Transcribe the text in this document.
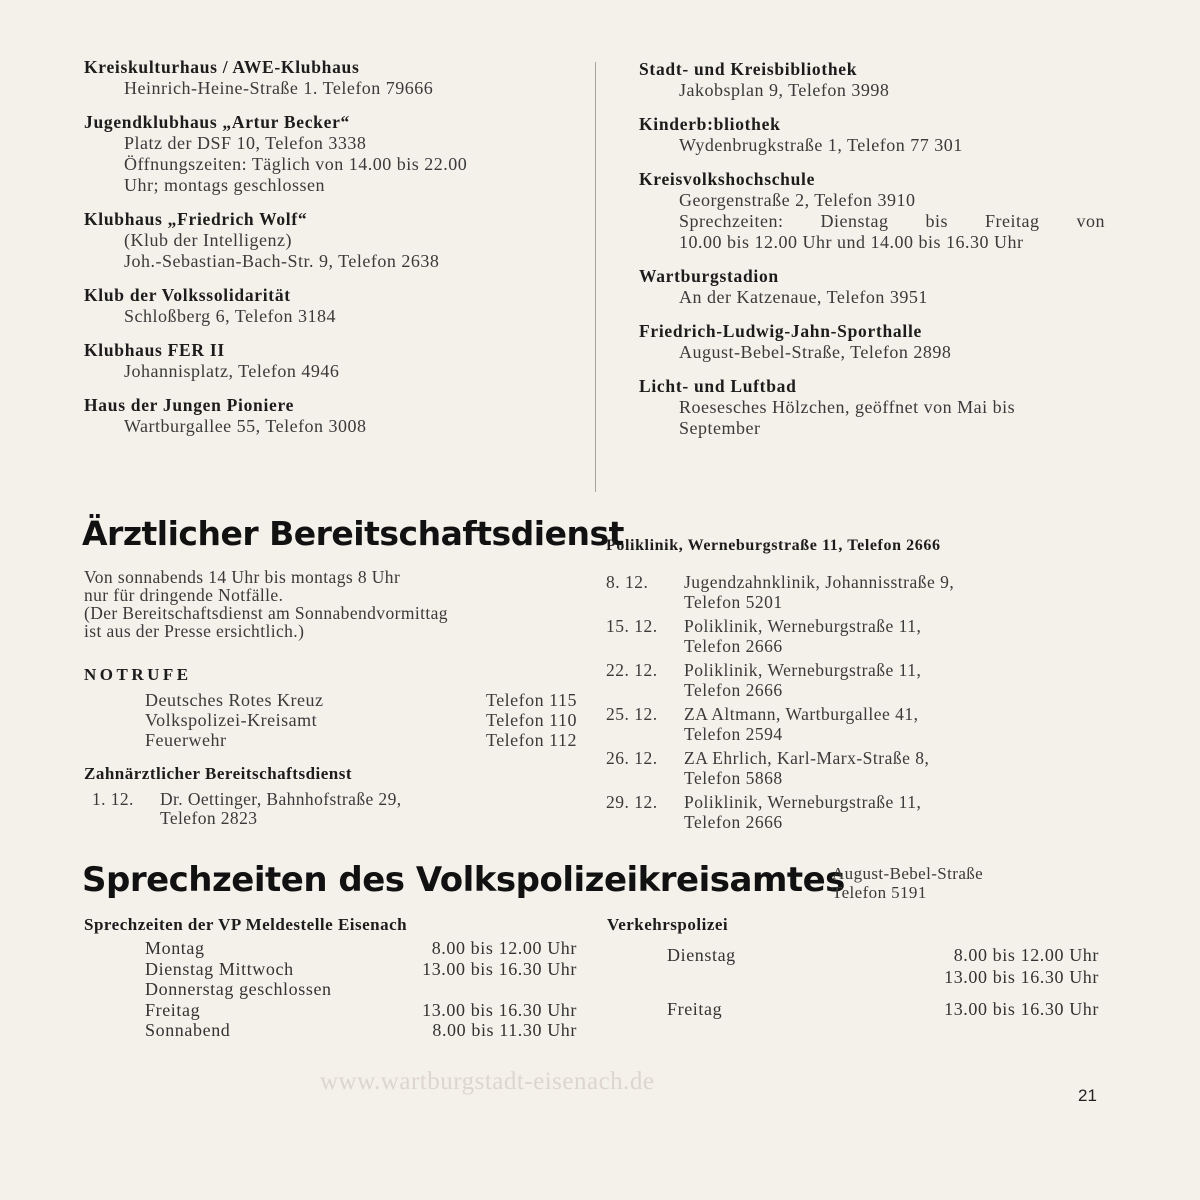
Kreiskulturhaus / AWE-Klubhaus
Heinrich-Heine-Straße 1. Telefon 79666
Jugendklubhaus „Artur Becker“
Platz der DSF 10, Telefon 3338
Öffnungszeiten: Täglich von 14.00 bis 22.00
Uhr; montags geschlossen
Klubhaus „Friedrich Wolf“
(Klub der Intelligenz)
Joh.-Sebastian-Bach-Str. 9, Telefon 2638
Klub der Volkssolidarität
Schloßberg 6, Telefon 3184
Klubhaus FER II
Johannisplatz, Telefon 4946
Haus der Jungen Pioniere
Wartburgallee 55, Telefon 3008
Stadt- und Kreisbibliothek
Jakobsplan 9, Telefon 3998
Kinderb:bliothek
Wydenbrugkstraße 1, Telefon 77 301
Kreisvolkshochschule
Georgenstraße 2, Telefon 3910
Sprechzeiten: Dienstag bis Freitag von
10.00 bis 12.00 Uhr und 14.00 bis 16.30 Uhr
Wartburgstadion
An der Katzenaue, Telefon 3951
Friedrich-Ludwig-Jahn-Sporthalle
August-Bebel-Straße, Telefon 2898
Licht- und Luftbad
Roesesches Hölzchen, geöffnet von Mai bis
September
Ärztlicher Bereitschaftsdienst
Poliklinik, Werneburgstraße 11, Telefon 2666
Von sonnabends 14 Uhr bis montags 8 Uhr
nur für dringende Notfälle.
(Der Bereitschaftsdienst am Sonnabendvormittag
ist aus der Presse ersichtlich.)
NOTRUFE
Deutsches Rotes Kreuz	Telefon 115
Volkspolizei-Kreisamt	Telefon 110
Feuerwehr	Telefon 112
Zahnärztlicher Bereitschaftsdienst
1. 12.	Dr. Oettinger, Bahnhofstraße 29,
Telefon 2823
8. 12.	Jugendzahnklinik, Johannisstraße 9,
Telefon 5201
15. 12.	Poliklinik, Werneburgstraße 11,
Telefon 2666
22. 12.	Poliklinik, Werneburgstraße 11,
Telefon 2666
25. 12.	ZA Altmann, Wartburgallee 41,
Telefon 2594
26. 12.	ZA Ehrlich, Karl-Marx-Straße 8,
Telefon 5868
29. 12.	Poliklinik, Werneburgstraße 11,
Telefon 2666
Sprechzeiten des Volkspolizeikreisamtes
August-Bebel-Straße
Telefon 5191
Sprechzeiten der VP Meldestelle Eisenach
Montag	8.00 bis 12.00 Uhr
Dienstag Mittwoch	13.00 bis 16.30 Uhr
Donnerstag geschlossen
Freitag	13.00 bis 16.30 Uhr
Sonnabend	8.00 bis 11.30 Uhr
Verkehrspolizei
Dienstag	8.00 bis 12.00 Uhr
13.00 bis 16.30 Uhr
Freitag	13.00 bis 16.30 Uhr
www.wartburgstadt-eisenach.de
21
